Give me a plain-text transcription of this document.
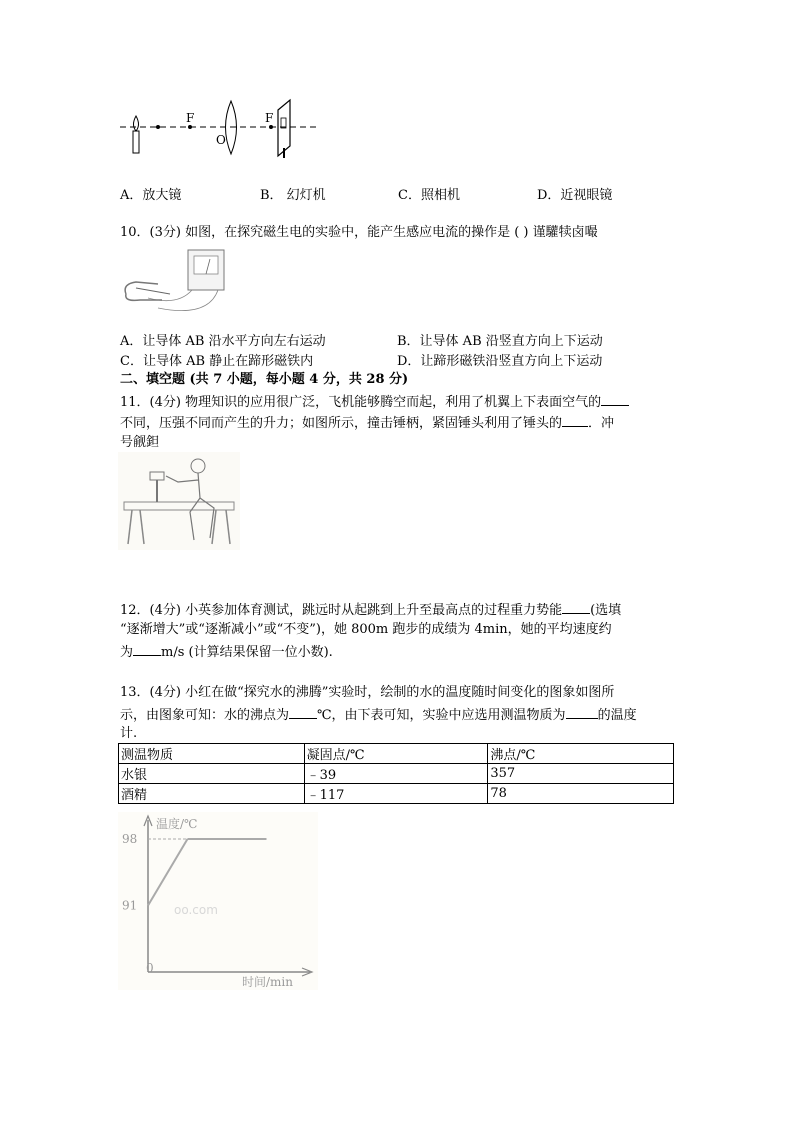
F
O
F
A．放大镜	B． 幻灯机	C．照相机	D．近视眼镜
10．(3分) 如图，在探究磁生电的实验中，能产生感应电流的操作是 ( ) 谨驩犊卤嘬
A．让导体 AB 沿水平方向左右运动	B．让导体 AB 沿竖直方向上下运动
C．让导体 AB 静止在蹄形磁铁内	D．让蹄形磁铁沿竖直方向上下运动
二、填空题 (共 7 小题，每小题 4 分，共 28 分)
11．(4分) 物理知识的应用很广泛，飞机能够腾空而起，利用了机翼上下表面空气的
不同，压强不同而产生的升力；如图所示，撞击锤柄，紧固锤头利用了锤头的 ．冲
号觎鉭
12．(4分) 小英参加体育测试，跳远时从起跳到上升至最高点的过程重力势能 (选填
“逐渐增大”或“逐渐减小”或“不变”)，她 800m 跑步的成绩为 4min，她的平均速度约
为 m/s (计算结果保留一位小数).
13．(4分) 小红在做“探究水的沸腾”实验时，绘制的水的温度随时间变化的图象如图所
示，由图象可知：水的沸点为 ℃，由下表可知，实验中应选用测温物质为 的温度
计.
测温物质	凝固点/℃	沸点/℃
水银	﹣39	357
酒精	﹣117	78
温度/℃
时间/min
0
oo.com
91
98
